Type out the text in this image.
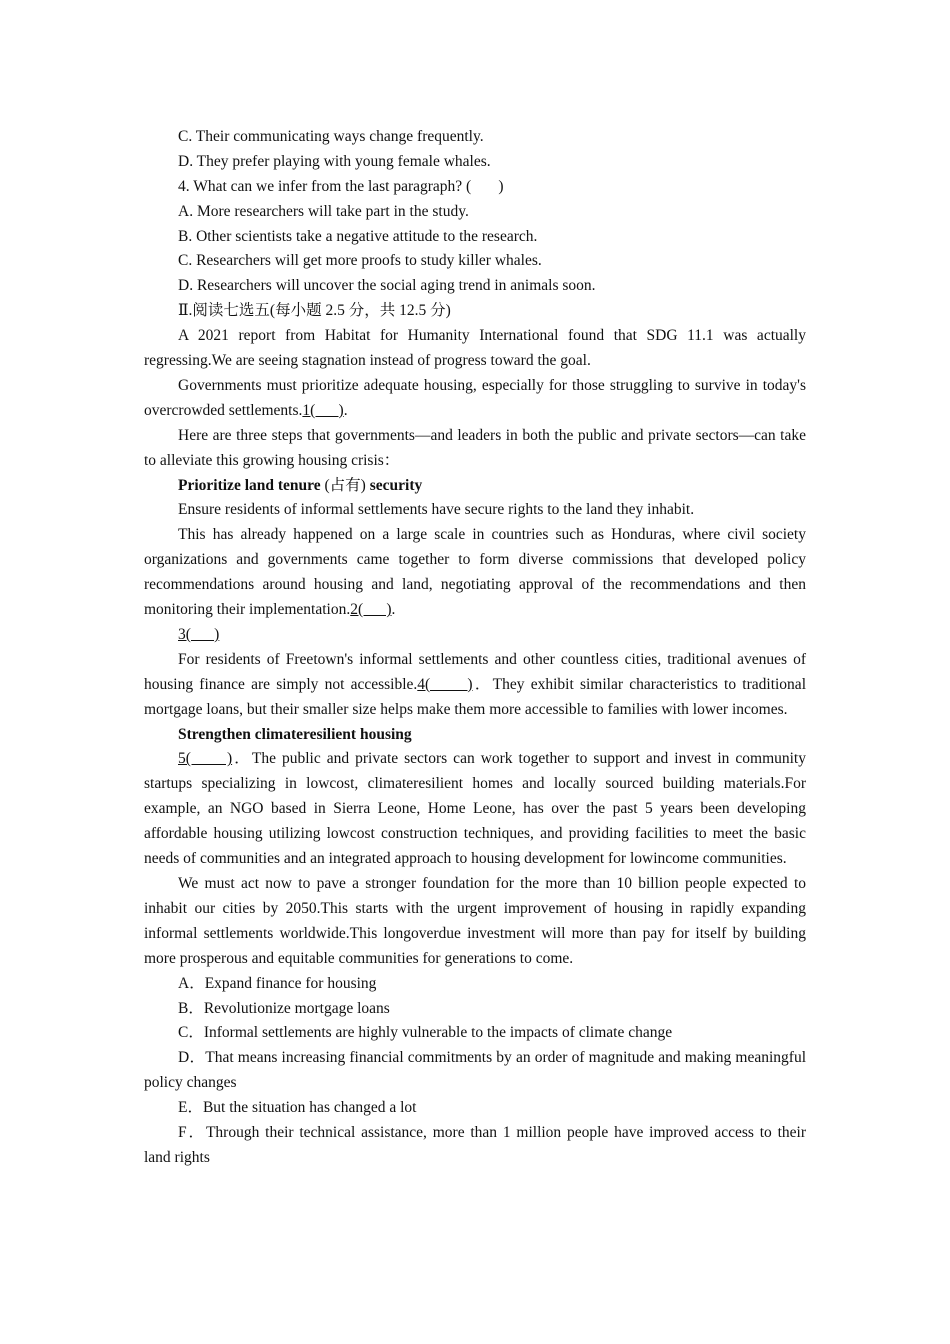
C. Their communicating ways change frequently.
D. They prefer playing with young female whales.
4. What can we infer from the last paragraph? (       )
A. More researchers will take part in the study.
B. Other scientists take a negative attitude to the research.
C. Researchers will get more proofs to study killer whales.
D. Researchers will uncover the social aging trend in animals soon.
Ⅱ.阅读七选五(每小题 2.5 分，共 12.5 分)
A 2021 report from Habitat for Humanity International found that SDG 11.1 was actually regressing.We are seeing stagnation instead of progress toward the goal.
Governments must prioritize adequate housing, especially for those struggling to survive in today's overcrowded settlements.1(      ).
Here are three steps that governments—and leaders in both the public and private sectors—can take to alleviate this growing housing crisis：
Prioritize land tenure (占有) security
Ensure residents of informal settlements have secure rights to the land they inhabit.
This has already happened on a large scale in countries such as Honduras, where civil society organizations and governments came together to form diverse commissions that developed policy recommendations around housing and land, negotiating approval of the recommendations and then monitoring their implementation.2(      ).
3(      )
For residents of Freetown's informal settlements and other countless cities, traditional avenues of housing finance are simply not accessible.4(      )．They exhibit similar characteristics to traditional mortgage loans, but their smaller size helps make them more accessible to families with lower incomes.
Strengthen climateresilient housing
5(      )．The public and private sectors can work together to support and invest in community startups specializing in lowcost, climateresilient homes and locally sourced building materials.For example, an NGO based in Sierra Leone, Home Leone, has over the past 5 years been developing affordable housing utilizing lowcost construction techniques, and providing facilities to meet the basic needs of communities and an integrated approach to housing development for lowincome communities.
We must act now to pave a stronger foundation for the more than 10 billion people expected to inhabit our cities by 2050.This starts with the urgent improvement of housing in rapidly expanding informal settlements worldwide.This longoverdue investment will more than pay for itself by building more prosperous and equitable communities for generations to come.
A．Expand finance for housing
B．Revolutionize mortgage loans
C．Informal settlements are highly vulnerable to the impacts of climate change
D．That means increasing financial commitments by an order of magnitude and making meaningful policy changes
E．But the situation has changed a lot
F．Through their technical assistance, more than 1 million people have improved access to their land rights
